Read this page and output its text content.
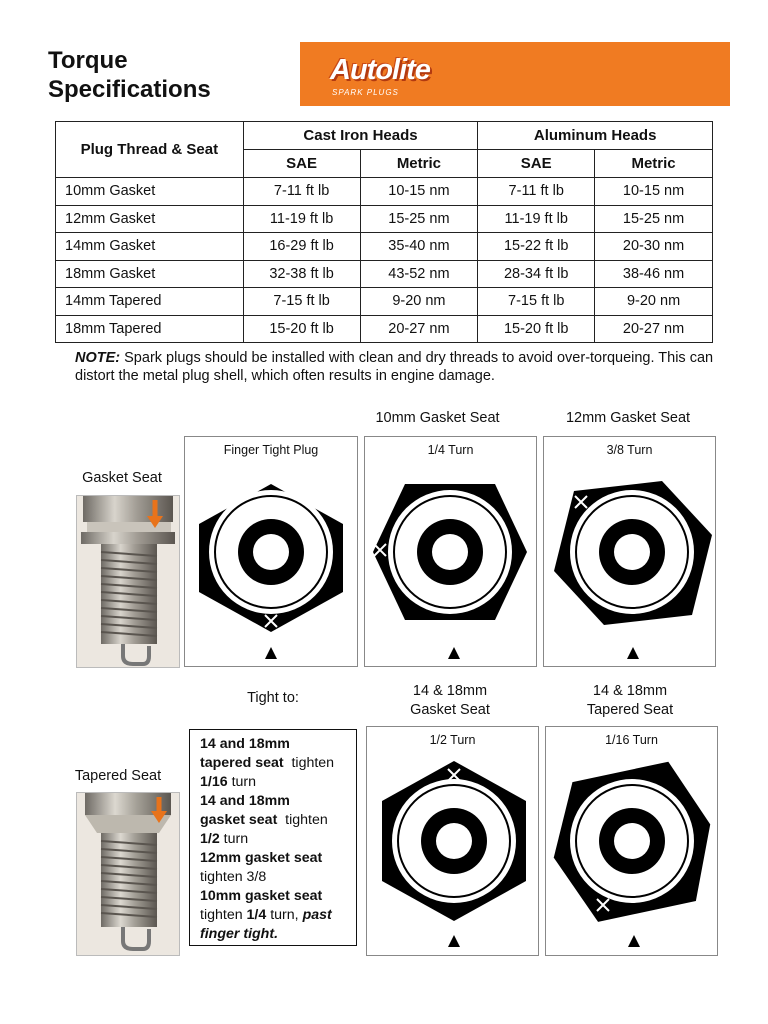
Torque
Specifications
Autolite
SPARK PLUGS
Plug Thread & Seat	Cast Iron Heads		Aluminum Heads	
	SAE	Metric	SAE	Metric
10mm Gasket	7-11 ft lb	10-15 nm	7-11 ft lb	10-15 nm
12mm Gasket	11-19 ft lb	15-25 nm	11-19 ft lb	15-25 nm
14mm Gasket	16-29 ft lb	35-40 nm	15-22 ft lb	20-30 nm
18mm Gasket	32-38 ft lb	43-52 nm	28-34 ft lb	38-46 nm
14mm Tapered	7-15 ft lb	9-20 nm	7-15 ft lb	9-20 nm
18mm Tapered	15-20 ft lb	20-27 nm	15-20 ft lb	20-27 nm
NOTE: Spark plugs should be installed with clean and dry threads to avoid over-torqueing. This can distort the metal plug shell, which often results in engine damage.
10mm Gasket Seat	12mm Gasket Seat
Gasket Seat
Finger Tight Plug	1/4 Turn	3/8 Turn
Tight to:	14 & 18mm
Gasket Seat
14 & 18mm
Tapered Seat
Tapered Seat
14 and 18mm
tapered seat  tighten
1/16 turn
14 and 18mm
gasket seat  tighten
1/2 turn
12mm gasket seat
tighten 3/8
10mm gasket seat
tighten 1/4 turn, past
finger tight.
1/2 Turn	1/16 Turn
